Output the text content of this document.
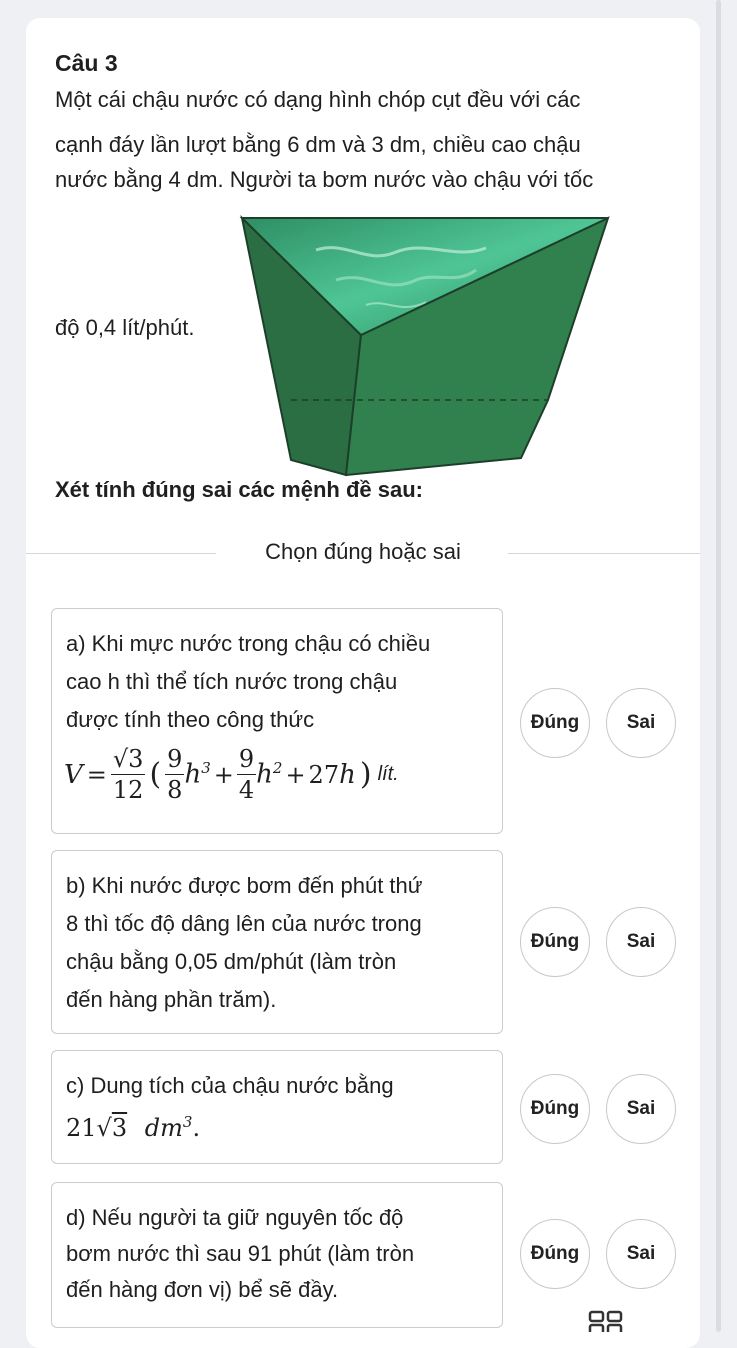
Câu 3
Một cái chậu nước có dạng hình chóp cụt đều với các
cạnh đáy lần lượt bằng 6 dm và 3 dm, chiều cao chậu
nước bằng 4 dm. Người ta bơm nước vào chậu với tốc
độ 0,4 lít/phút.
Xét tính đúng sai các mệnh đề sau:
Chọn đúng hoặc sai
a) Khi mực nước trong chậu có chiều
cao h thì thể tích nước trong chậu
được tính theo công thức
$V = \frac{√3}{12}$ ( $\frac{9}{8} h^3 + \frac{9}{4} h^2 + 27$ h ) lít.
Đúng	Sai
b) Khi nước được bơm đến phút thứ
8 thì tốc độ dâng lên của nước trong
chậu bằng 0,05 dm/phút (làm tròn
đến hàng phần trăm).
Đúng	Sai
c) Dung tích của chậu nước bằng
21√3 $dm^3$.
Đúng	Sai
d) Nếu người ta giữ nguyên tốc độ
bơm nước thì sau 91 phút (làm tròn
đến hàng đơn vị) bể sẽ đầy.
Đúng	Sai
